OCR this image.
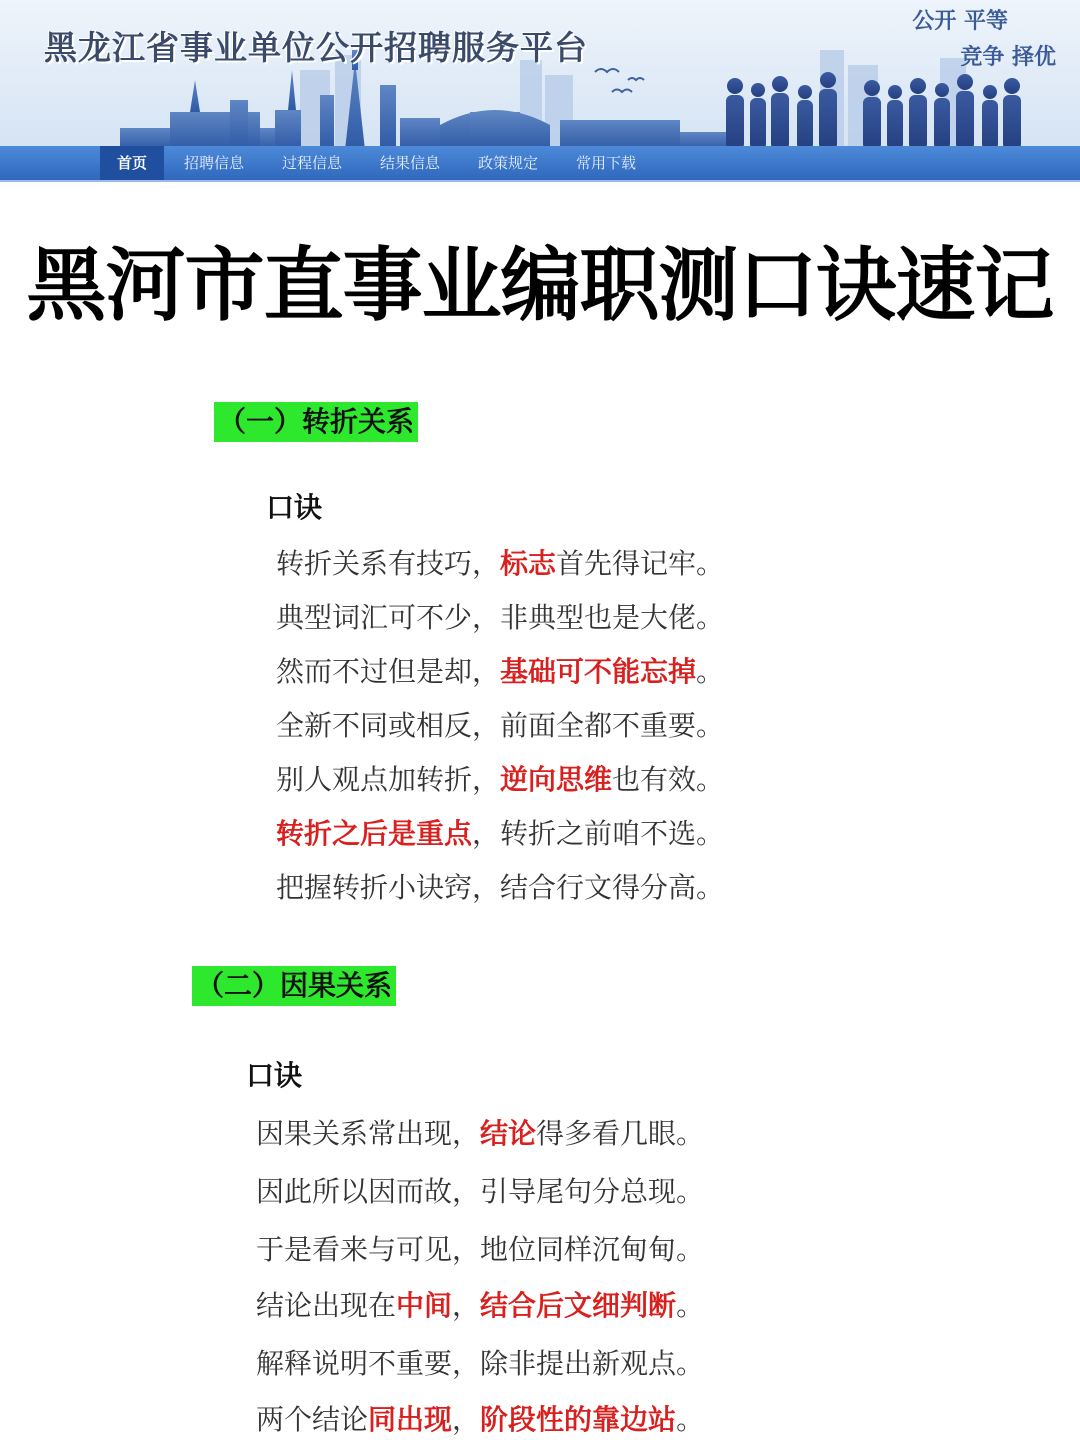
黑龙江省事业单位公开招聘服务平台
公开 平等
竞争 择优
首页	招聘信息	过程信息	结果信息	政策规定	常用下载
黑河市直事业编职测口诀速记
（一）转折关系
口诀
转折关系有技巧，标志首先得记牢。
典型词汇可不少，非典型也是大佬。
然而不过但是却，基础可不能忘掉。
全新不同或相反，前面全都不重要。
别人观点加转折，逆向思维也有效。
转折之后是重点，转折之前咱不选。
把握转折小诀窍，结合行文得分高。
（二）因果关系
口诀
因果关系常出现，结论得多看几眼。
因此所以因而故，引导尾句分总现。
于是看来与可见，地位同样沉甸甸。
结论出现在中间，结合后文细判断。
解释说明不重要，除非提出新观点。
两个结论同出现，阶段性的靠边站。
